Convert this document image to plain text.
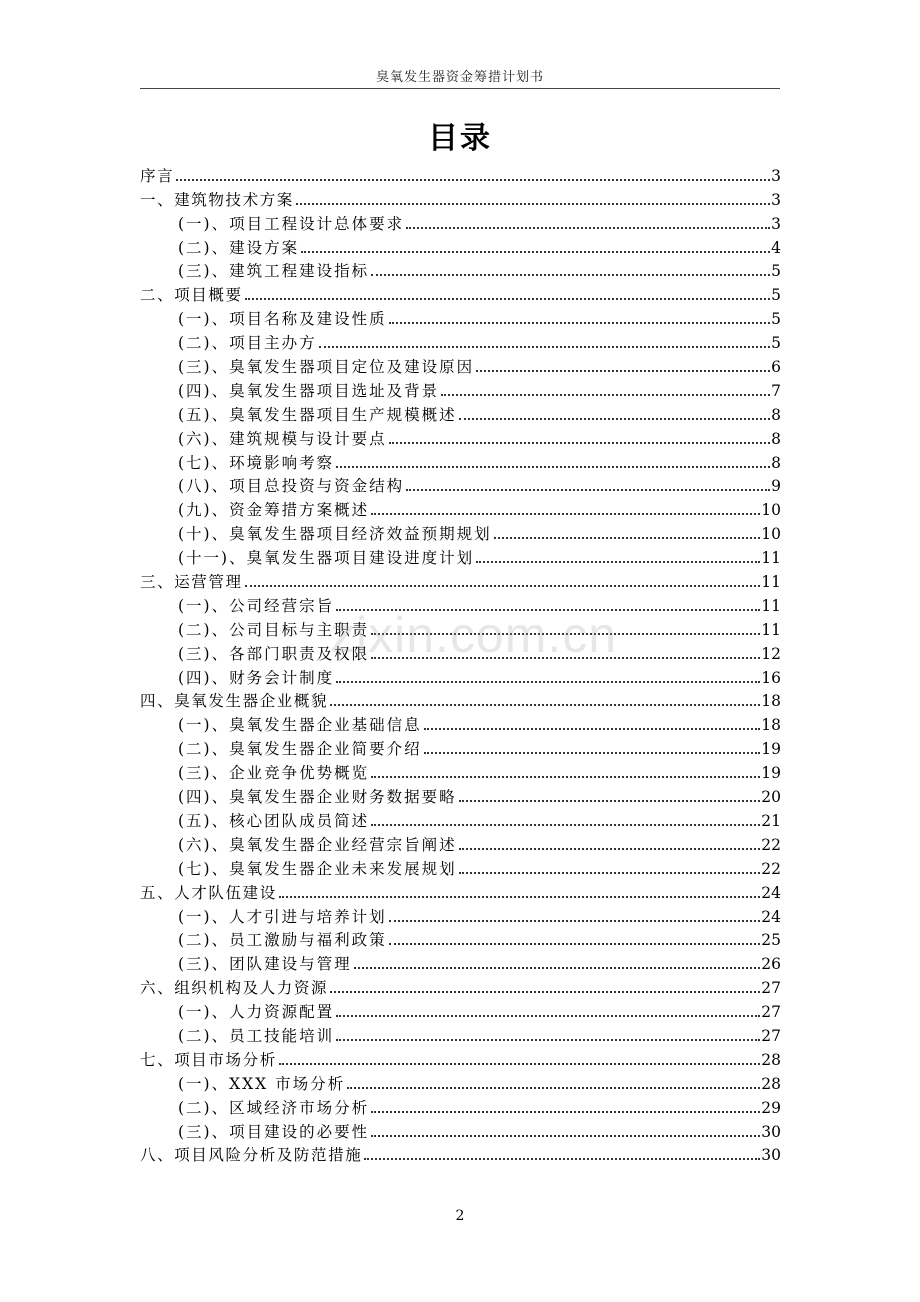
臭氧发生器资金筹措计划书
目录
序言	3
一、建筑物技术方案	3
(一)、项目工程设计总体要求	3
(二)、建设方案	4
(三)、建筑工程建设指标	5
二、项目概要	5
(一)、项目名称及建设性质	5
(二)、项目主办方	5
(三)、臭氧发生器项目定位及建设原因	6
(四)、臭氧发生器项目选址及背景	7
(五)、臭氧发生器项目生产规模概述	8
(六)、建筑规模与设计要点	8
(七)、环境影响考察	8
(八)、项目总投资与资金结构	9
(九)、资金筹措方案概述	10
(十)、臭氧发生器项目经济效益预期规划	10
(十一)、臭氧发生器项目建设进度计划	11
三、运营管理	11
(一)、公司经营宗旨	11
(二)、公司目标与主职责	11
(三)、各部门职责及权限	12
(四)、财务会计制度	16
四、臭氧发生器企业概貌	18
(一)、臭氧发生器企业基础信息	18
(二)、臭氧发生器企业简要介绍	19
(三)、企业竞争优势概览	19
(四)、臭氧发生器企业财务数据要略	20
(五)、核心团队成员简述	21
(六)、臭氧发生器企业经营宗旨阐述	22
(七)、臭氧发生器企业未来发展规划	22
五、人才队伍建设	24
(一)、人才引进与培养计划	24
(二)、员工激励与福利政策	25
(三)、团队建设与管理	26
六、组织机构及人力资源	27
(一)、人力资源配置	27
(二)、员工技能培训	27
七、项目市场分析	28
(一)、XXX 市场分析	28
(二)、区域经济市场分析	29
(三)、项目建设的必要性	30
八、项目风险分析及防范措施	30
zixin.com.cn
2
